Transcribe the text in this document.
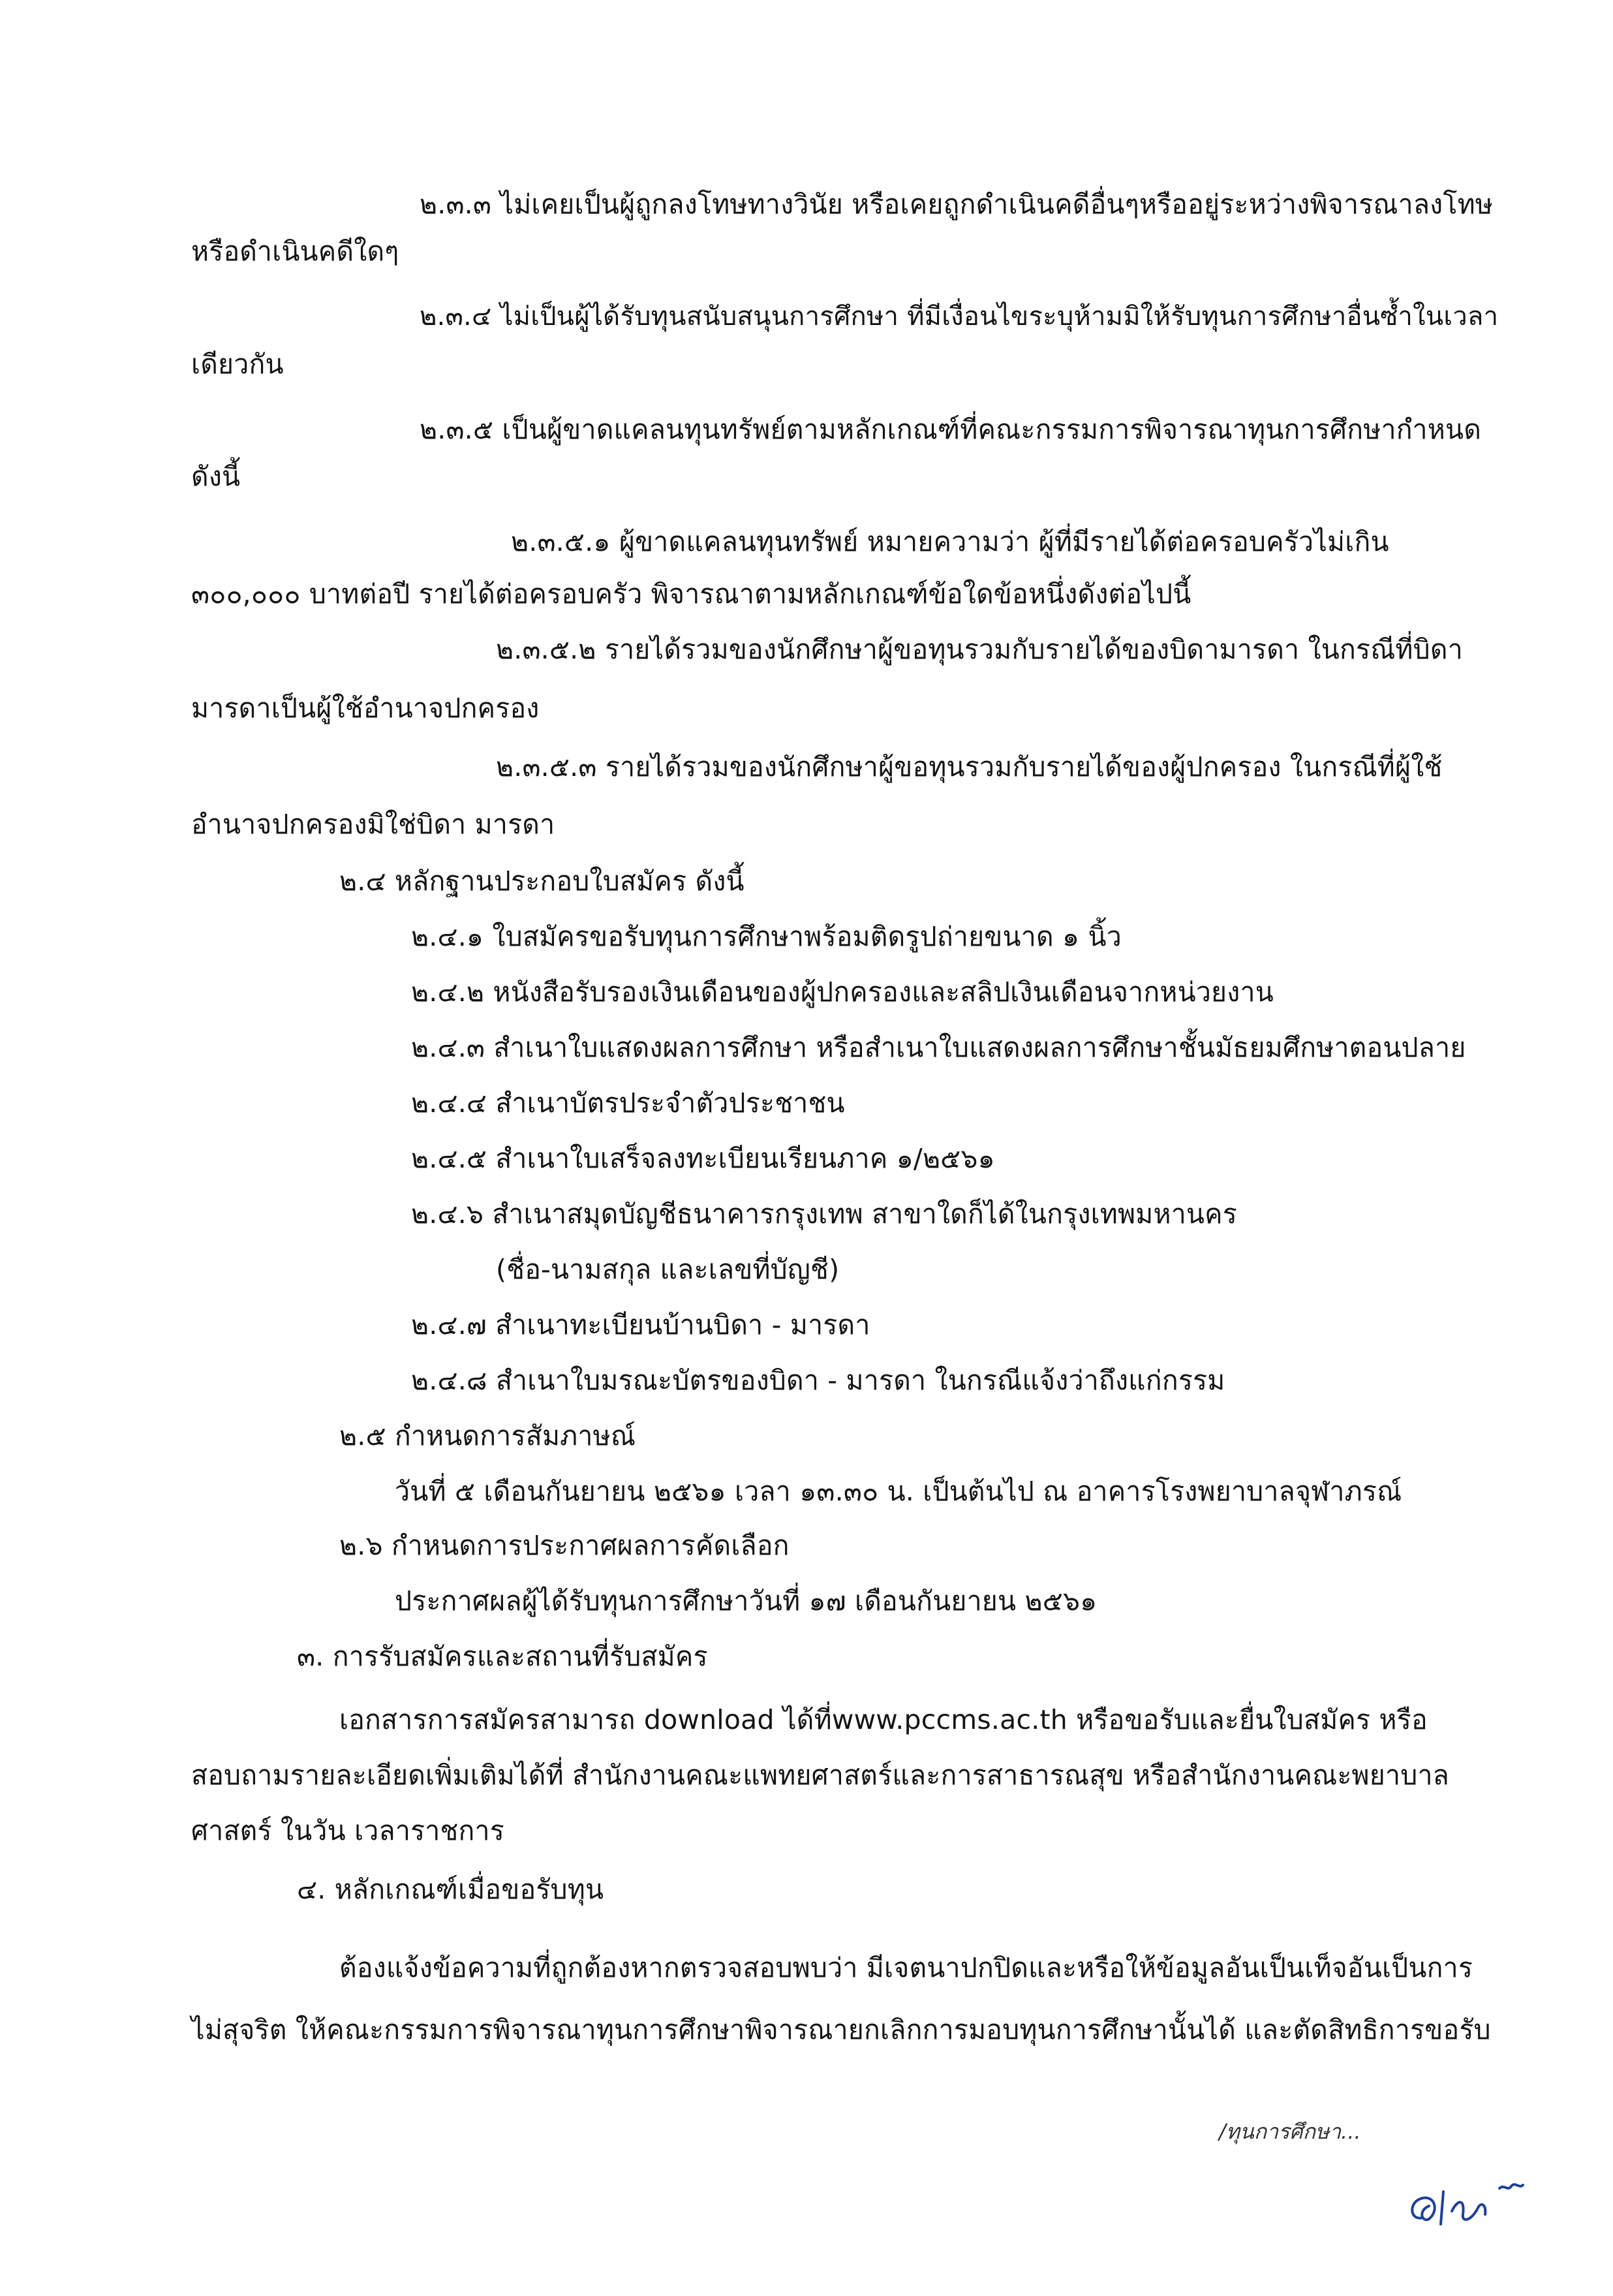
๒.๓.๓ ไม่เคยเป็นผู้ถูกลงโทษทางวินัย หรือเคยถูกดำเนินคดีอื่นๆหรืออยู่ระหว่างพิจารณาลงโทษ
หรือดำเนินคดีใดๆ
๒.๓.๔ ไม่เป็นผู้ได้รับทุนสนับสนุนการศึกษา ที่มีเงื่อนไขระบุห้ามมิให้รับทุนการศึกษาอื่นซ้ำในเวลา
เดียวกัน
๒.๓.๕ เป็นผู้ขาดแคลนทุนทรัพย์ตามหลักเกณฑ์ที่คณะกรรมการพิจารณาทุนการศึกษากำหนด
ดังนี้
๒.๓.๕.๑ ผู้ขาดแคลนทุนทรัพย์ หมายความว่า ผู้ที่มีรายได้ต่อครอบครัวไม่เกิน
๓๐๐,๐๐๐ บาทต่อปี รายได้ต่อครอบครัว พิจารณาตามหลักเกณฑ์ข้อใดข้อหนึ่งดังต่อไปนี้
๒.๓.๕.๒ รายได้รวมของนักศึกษาผู้ขอทุนรวมกับรายได้ของบิดามารดา ในกรณีที่บิดา
มารดาเป็นผู้ใช้อำนาจปกครอง
๒.๓.๕.๓ รายได้รวมของนักศึกษาผู้ขอทุนรวมกับรายได้ของผู้ปกครอง ในกรณีที่ผู้ใช้
อำนาจปกครองมิใช่บิดา มารดา
๒.๔ หลักฐานประกอบใบสมัคร ดังนี้
๒.๔.๑ ใบสมัครขอรับทุนการศึกษาพร้อมติดรูปถ่ายขนาด ๑ นิ้ว
๒.๔.๒ หนังสือรับรองเงินเดือนของผู้ปกครองและสลิปเงินเดือนจากหน่วยงาน
๒.๔.๓ สำเนาใบแสดงผลการศึกษา หรือสำเนาใบแสดงผลการศึกษาชั้นมัธยมศึกษาตอนปลาย
๒.๔.๔ สำเนาบัตรประจำตัวประชาชน
๒.๔.๕ สำเนาใบเสร็จลงทะเบียนเรียนภาค ๑/๒๕๖๑
๒.๔.๖ สำเนาสมุดบัญชีธนาคารกรุงเทพ สาขาใดก็ได้ในกรุงเทพมหานคร
(ชื่อ-นามสกุล และเลขที่บัญชี)
๒.๔.๗ สำเนาทะเบียนบ้านบิดา - มารดา
๒.๔.๘ สำเนาใบมรณะบัตรของบิดา - มารดา ในกรณีแจ้งว่าถึงแก่กรรม
๒.๕ กำหนดการสัมภาษณ์
วันที่ ๕ เดือนกันยายน ๒๕๖๑ เวลา ๑๓.๓๐ น. เป็นต้นไป ณ อาคารโรงพยาบาลจุฬาภรณ์
๒.๖ กำหนดการประกาศผลการคัดเลือก
ประกาศผลผู้ได้รับทุนการศึกษาวันที่ ๑๗ เดือนกันยายน ๒๕๖๑
๓. การรับสมัครและสถานที่รับสมัคร
เอกสารการสมัครสามารถ download ได้ที่www.pccms.ac.th หรือขอรับและยื่นใบสมัคร หรือ
สอบถามรายละเอียดเพิ่มเติมได้ที่ สำนักงานคณะแพทยศาสตร์และการสาธารณสุข หรือสำนักงานคณะพยาบาล
ศาสตร์ ในวัน เวลาราชการ
๔. หลักเกณฑ์เมื่อขอรับทุน
ต้องแจ้งข้อความที่ถูกต้องหากตรวจสอบพบว่า มีเจตนาปกปิดและหรือให้ข้อมูลอันเป็นเท็จอันเป็นการ
ไม่สุจริต ให้คณะกรรมการพิจารณาทุนการศึกษาพิจารณายกเลิกการมอบทุนการศึกษานั้นได้ และตัดสิทธิการขอรับ
/ทุนการศึกษา...
